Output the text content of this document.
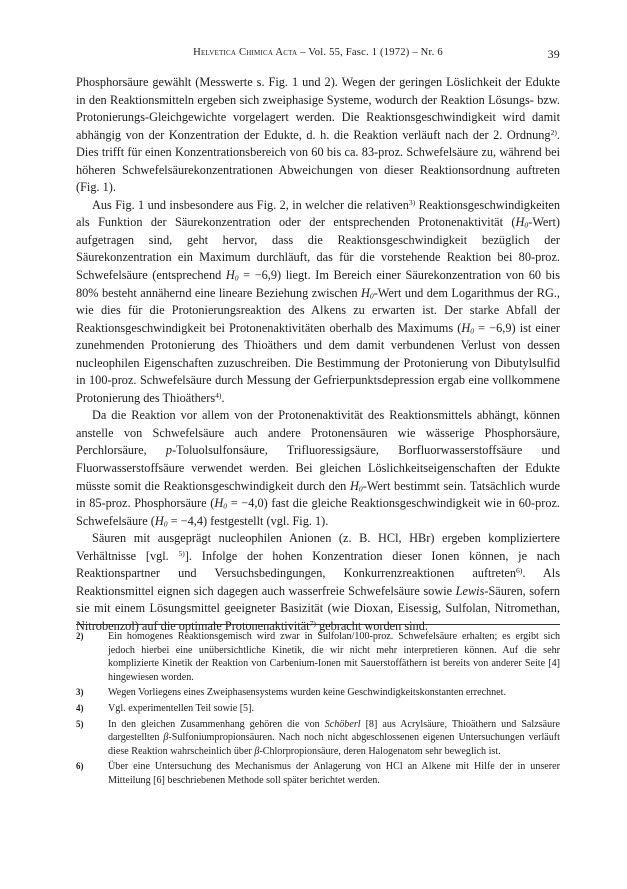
Helvetica Chimica Acta – Vol. 55, Fasc. 1 (1972) – Nr. 6	39

Phosphorsäure gewählt (Messwerte s. Fig. 1 und 2). Wegen der geringen Löslichkeit der Edukte in den Reaktionsmitteln ergeben sich zweiphasige Systeme, wodurch der Reaktion Lösungs- bzw. Protonierungs-Gleichgewichte vorgelagert werden. Die Reaktionsgeschwindigkeit wird damit abhängig von der Konzentration der Edukte, d. h. die Reaktion verläuft nach der 2. Ordnung$^{2)}$. Dies trifft für einen Konzentrationsbereich von 60 bis ca. 83-proz. Schwefelsäure zu, während bei höheren Schwefelsäurekonzentrationen Abweichungen von dieser Reaktionsordnung auftreten (Fig. 1).

Aus Fig. 1 und insbesondere aus Fig. 2, in welcher die relativen$^{3)}$ Reaktionsgeschwindigkeiten als Funktion der Säurekonzentration oder der entsprechenden Protonenaktivität $(H_0-Wert)$ aufgetragen sind, geht hervor, dass die Reaktionsgeschwindigkeit bezüglich der Säurekonzentration ein Maximum durchläuft, das für die vorstehende Reaktion bei 80-proz. Schwefelsäure (entsprechend $H_0 = -6,9$) liegt. Im Bereich einer Säurekonzentration von 60 bis 80% besteht annähernd eine lineare Beziehung zwischen $H_0$-Wert und dem Logarithmus der RG., wie dies für die Protonierungsreaktion des Alkens zu erwarten ist. Der starke Abfall der Reaktionsgeschwindigkeit bei Protonenaktivitäten oberhalb des Maximums $(H_0 = -6,9)$ ist einer zunehmenden Protonierung des Thioäthers und dem damit verbundenen Verlust von dessen nucleophilen Eigenschaften zuzuschreiben. Die Bestimmung der Protonierung von Dibutylsulfid in 100-proz. Schwefelsäure durch Messung der Gefrierpunktsdepression ergab eine vollkommene Protonierung des Thioäthers$^{4)}$.

Da die Reaktion vor allem von der Protonenaktivität des Reaktionsmittels abhängt, können anstelle von Schwefelsäure auch andere Protonensäuren wie wässerige Phosphorsäure, Perchlorsäure, p-Toluolsulfonsäure, Trifluoressigsäure, Borfluorwasserstoffsäure und Fluorwasserstoffsäure verwendet werden. Bei gleichen Löslichkeitseigenschaften der Edukte müsste somit die Reaktionsgeschwindigkeit durch den $H_0$-Wert bestimmt sein. Tatsächlich wurde in 85-proz. Phosphorsäure $(H_0 = -4,0)$ fast die gleiche Reaktionsgeschwindigkeit wie in 60-proz. Schwefelsäure $(H_0 = -4,4)$ festgestellt (vgl. Fig. 1).

Säuren mit ausgeprägt nucleophilen Anionen (z. B. HCl, HBr) ergeben kompliziertere Verhältnisse [vgl. $^{5)}$]. Infolge der hohen Konzentration dieser Ionen können, je nach Reaktionspartner und Versuchsbedingungen, Konkurrenzreaktionen auftreten$^{6)}$. Als Reaktionsmittel eignen sich dagegen auch wasserfreie Schwefelsäure sowie Lewis-Säuren, sofern sie mit einem Lösungsmittel geeigneter Basizität (wie Dioxan, Eisessig, Sulfolan, Nitromethan, Nitrobenzol) auf die optimale Protonenaktivität$^{7)}$ gebracht worden sind.

2) Ein homogenes Reaktionsgemisch wird zwar in Sulfolan/100-proz. Schwefelsäure erhalten; es ergibt sich jedoch hierbei eine unübersichtliche Kinetik, die wir nicht mehr interpretieren können. Auf die sehr komplizierte Kinetik der Reaktion von Carbenium-Ionen mit Sauerstoffäthern ist bereits von anderer Seite [4] hingewiesen worden.
3) Wegen Vorliegens eines Zweiphasensystems wurden keine Geschwindigkeitskonstanten errechnet.
4) Vgl. experimentellen Teil sowie [5].
5) In den gleichen Zusammenhang gehören die von Schöberl [8] aus Acrylsäure, Thioäthern und Salzsäure dargestellten β-Sulfoniumpropionsäuren. Nach noch nicht abgeschlossenen eigenen Untersuchungen verläuft diese Reaktion wahrscheinlich über β-Chlorpropionsäure, deren Halogenatom sehr beweglich ist.
6) Über eine Untersuchung des Mechanismus der Anlagerung von HCl an Alkene mit Hilfe der in unserer Mitteilung [6] beschriebenen Methode soll später berichtet werden.
